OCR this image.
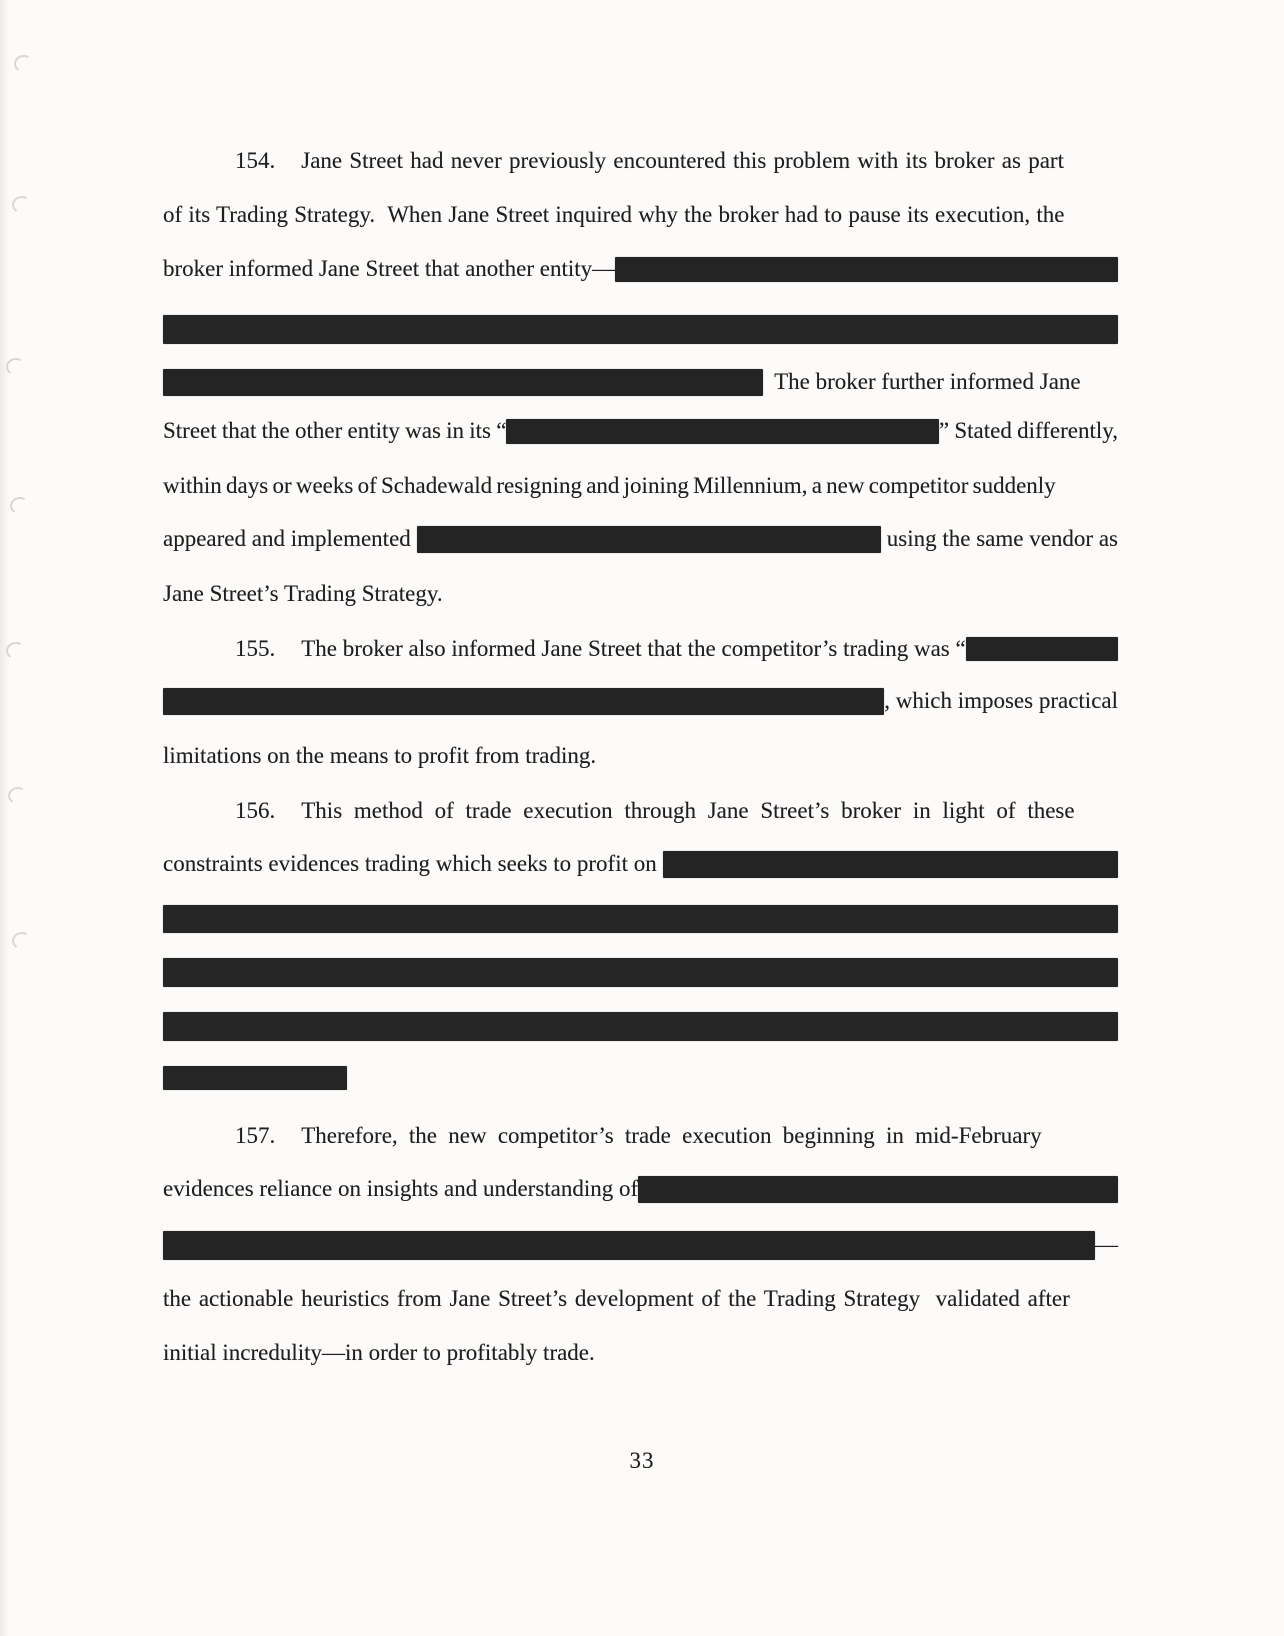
154. Jane Street had never previously encountered this problem with its broker as part
of its Trading Strategy.  When Jane Street inquired why the broker had to pause its execution, the
broker informed Jane Street that another entity—
The broker further informed Jane
Street that the other entity was in its “	” Stated differently,
within days or weeks of Schadewald resigning and joining Millennium, a new competitor suddenly
appeared and implemented	using the same vendor as
Jane Street’s Trading Strategy.
155. The broker also informed Jane Street that the competitor’s trading was “
, which imposes practical
limitations on the means to profit from trading.
156. This method of trade execution through Jane Street’s broker in light of these
constraints evidences trading which seeks to profit on
157. Therefore, the new competitor’s trade execution beginning in mid-February
evidences reliance on insights and understanding of
—
the actionable heuristics from Jane Street’s development of the Trading Strategy  validated after
initial incredulity—in order to profitably trade.
33
